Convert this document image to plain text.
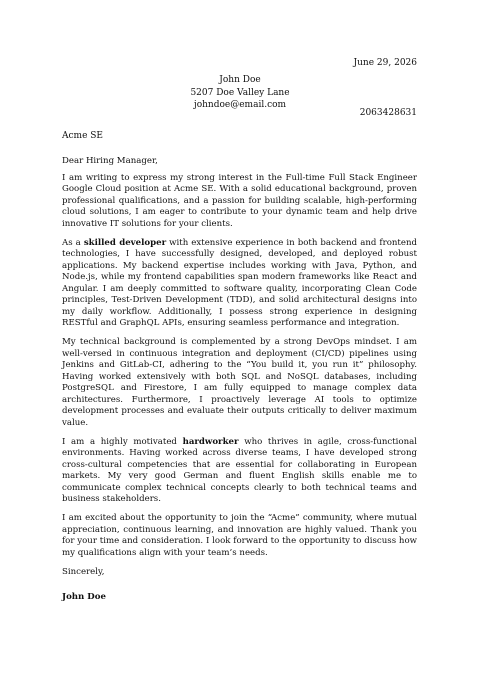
June 29, 2026
John Doe
5207 Doe Valley Lane
johndoe@email.com
2063428631
Acme SE

Dear Hiring Manager,

I am writing to express my strong interest in the Full-time Full Stack Engineer Google Cloud position at Acme SE. With a solid educational background, proven professional qualifications, and a passion for building scalable, high-performing cloud solutions, I am eager to contribute to your dynamic team and help drive innovative IT solutions for your clients.

As a skilled developer with extensive experience in both backend and frontend technologies, I have successfully designed, developed, and deployed robust applications. My backend expertise includes working with Java, Python, and Node.js, while my frontend capabilities span modern frameworks like React and Angular. I am deeply committed to software quality, incorporating Clean Code principles, Test-Driven Development (TDD), and solid architectural designs into my daily workflow. Additionally, I possess strong experience in designing RESTful and GraphQL APIs, ensuring seamless performance and integration.

My technical background is complemented by a strong DevOps mindset. I am well-versed in continuous integration and deployment (CI/CD) pipelines using Jenkins and GitLab-CI, adhering to the “You build it, you run it” philosophy. Having worked extensively with both SQL and NoSQL databases, including PostgreSQL and Firestore, I am fully equipped to manage complex data architectures. Furthermore, I proactively leverage AI tools to optimize development processes and evaluate their outputs critically to deliver maximum value.

I am a highly motivated hardworker who thrives in agile, cross-functional environments. Having worked across diverse teams, I have developed strong cross-cultural competencies that are essential for collaborating in European markets. My very good German and fluent English skills enable me to communicate complex technical concepts clearly to both technical teams and business stakeholders.

I am excited about the opportunity to join the “Acme” community, where mutual appreciation, continuous learning, and innovation are highly valued. Thank you for your time and consideration. I look forward to the opportunity to discuss how my qualifications align with your team’s needs.

Sincerely,

John Doe
